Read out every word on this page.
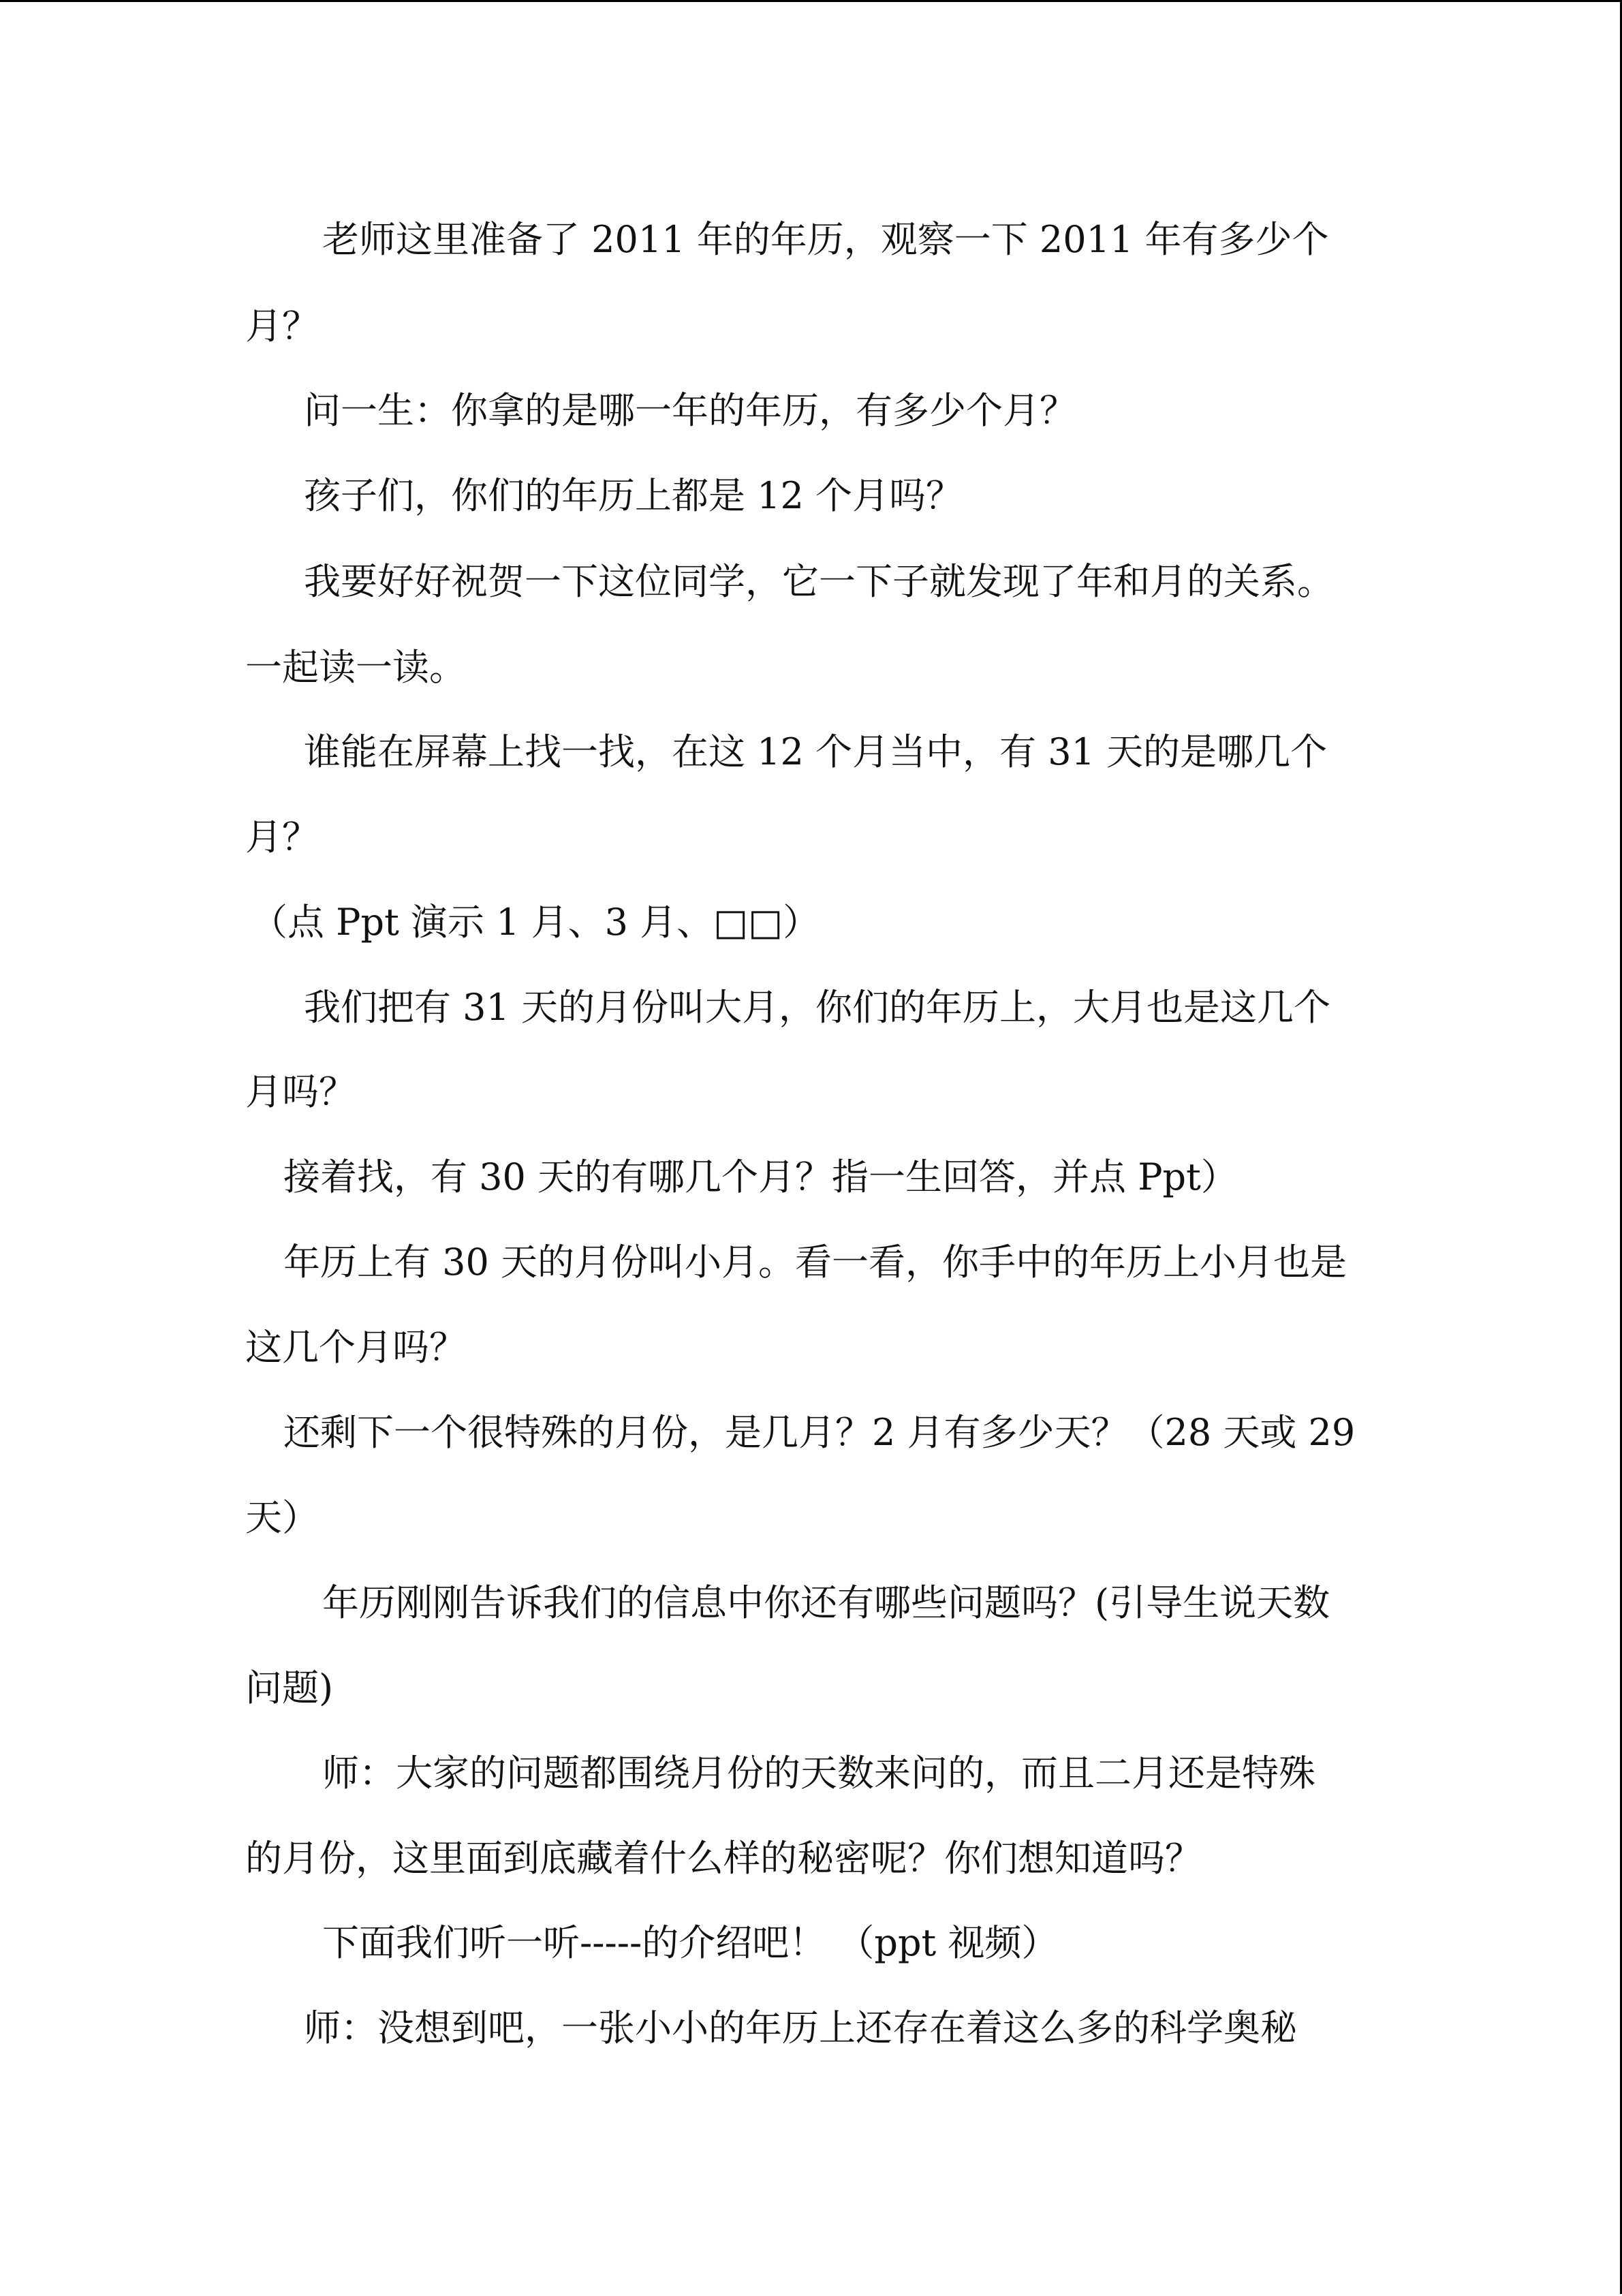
老师这里准备了 2011 年的年历，观察一下 2011 年有多少个

月？

问一生：你拿的是哪一年的年历，有多少个月？

孩子们，你们的年历上都是 12 个月吗？

我要好好祝贺一下这位同学，它一下子就发现了年和月的关系。

一起读一读。

谁能在屏幕上找一找，在这 12 个月当中，有 31 天的是哪几个

月？

（点 Ppt 演示 1 月、3 月、□□）

我们把有 31 天的月份叫大月，你们的年历上，大月也是这几个

月吗？

接着找，有 30 天的有哪几个月？指一生回答，并点 Ppt）

年历上有 30 天的月份叫小月。看一看，你手中的年历上小月也是

这几个月吗？

还剩下一个很特殊的月份，是几月？2 月有多少天？（28 天或 29

天）

年历刚刚告诉我们的信息中你还有哪些问题吗？(引导生说天数

问题)

师：大家的问题都围绕月份的天数来问的，而且二月还是特殊

的月份，这里面到底藏着什么样的秘密呢？你们想知道吗？

下面我们听一听-----的介绍吧！ （ppt 视频）

师：没想到吧，一张小小的年历上还存在着这么多的科学奥秘
